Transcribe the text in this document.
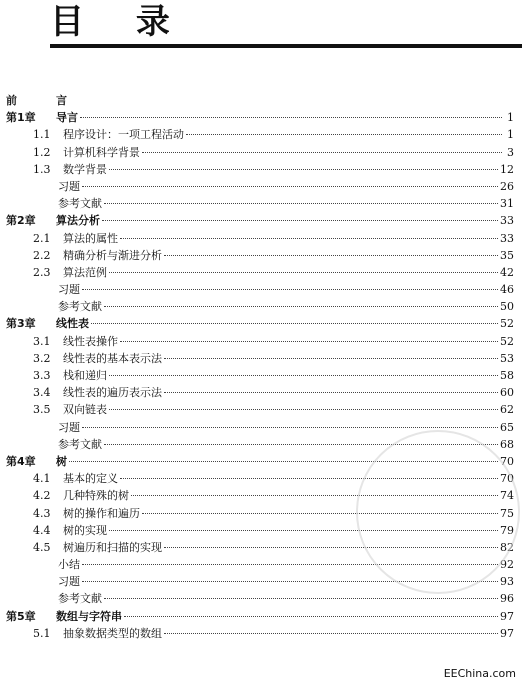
目 录
前	言
第1章	导言	1
1.1	程序设计：一项工程活动	1
1.2	计算机科学背景	3
1.3	数学背景	12
习题	26
参考文献	31
第2章	算法分析	33
2.1	算法的属性	33
2.2	精确分析与渐进分析	35
2.3	算法范例	42
习题	46
参考文献	50
第3章	线性表	52
3.1	线性表操作	52
3.2	线性表的基本表示法	53
3.3	栈和递归	58
3.4	线性表的遍历表示法	60
3.5	双向链表	62
习题	65
参考文献	68
第4章	树	70
4.1	基本的定义	70
4.2	几种特殊的树	74
4.3	树的操作和遍历	75
4.4	树的实现	79
4.5	树遍历和扫描的实现	82
小结	92
习题	93
参考文献	96
第5章	数组与字符串	97
5.1	抽象数据类型的数组	97
EEChina.com
